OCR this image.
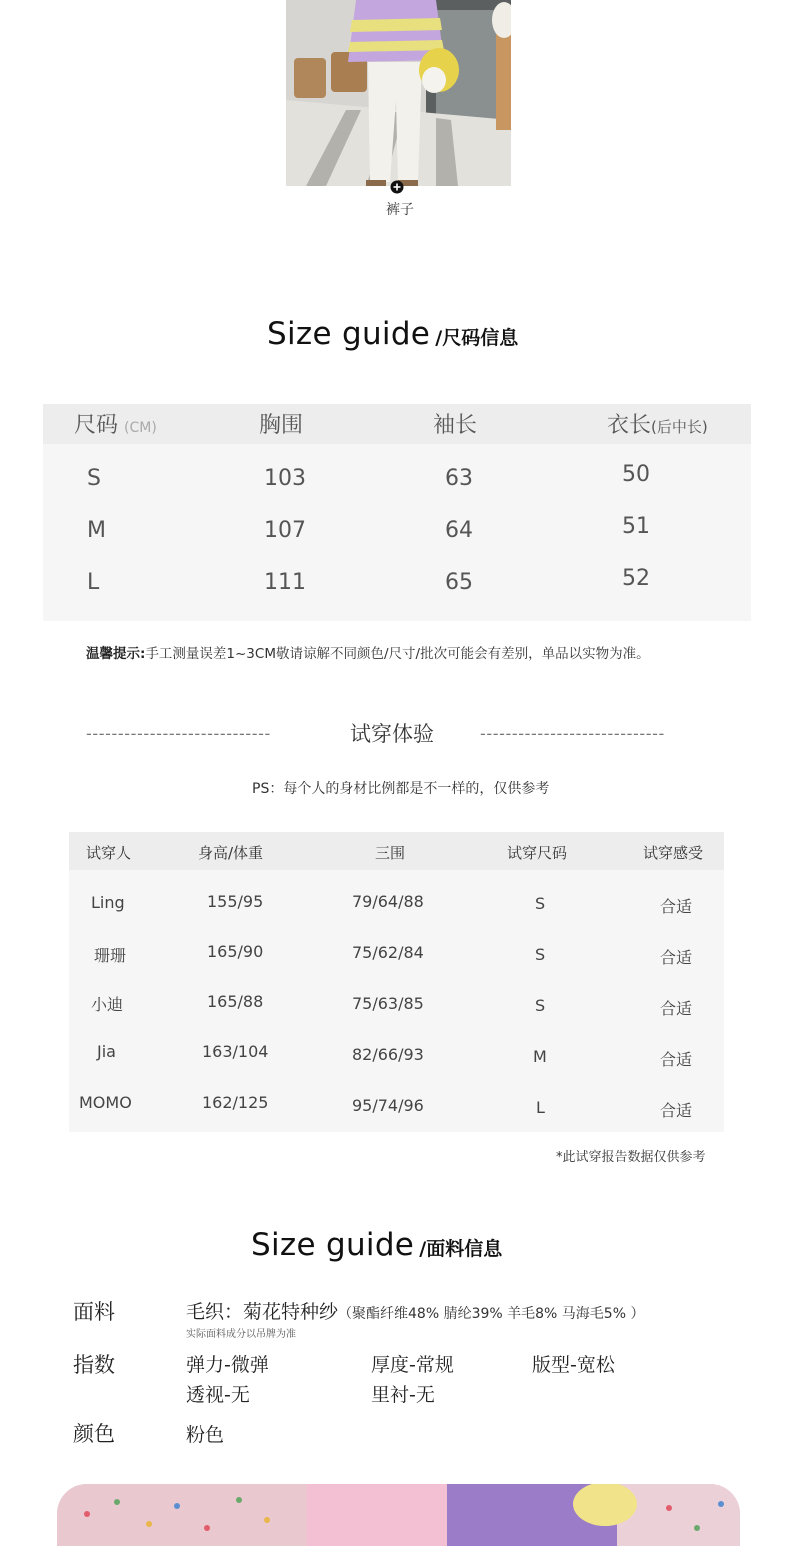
裤子
Size guide /尺码信息
尺码 (CM)	胸围	袖长	衣长(后中长)
S	103	63	50
M	107	64	51
L	111	65	52
温馨提示:手工测量误差1~3CM敬请谅解不同颜色/尺寸/批次可能会有差别，单品以实物为准。
-----------------------------	试穿体验	-----------------------------
PS：每个人的身材比例都是不一样的，仅供参考
试穿人	身高/体重	三围	试穿尺码	试穿感受
Ling	155/95	79/64/88	S	合适
珊珊	165/90	75/62/84	S	合适
小迪	165/88	75/63/85	S	合适
Jia	163/104	82/66/93	M	合适
MOMO	162/125	95/74/96	L	合适
*此试穿报告数据仅供参考
Size guide /面料信息
面料	毛织：菊花特种纱（聚酯纤维48% 腈纶39% 羊毛8% 马海毛5% ）
实际面料成分以吊牌为准
指数	弹力-微弹	厚度-常规	版型-宽松
透视-无	里衬-无
颜色	粉色
